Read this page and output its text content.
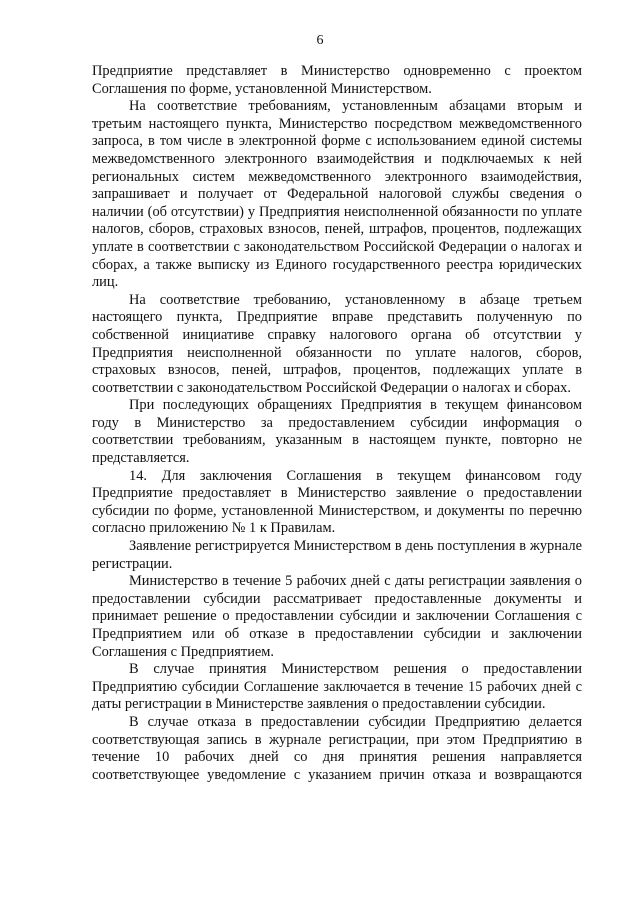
6

Предприятие представляет в Министерство одновременно с проектом Соглашения по форме, установленной Министерством.

На соответствие требованиям, установленным абзацами вторым и третьим настоящего пункта, Министерство посредством межведомственного запроса, в том числе в электронной форме с использованием единой системы межведомственного электронного взаимодействия и подключаемых к ней региональных систем межведомственного электронного взаимодействия, запрашивает и получает от Федеральной налоговой службы сведения о наличии (об отсутствии) у Предприятия неисполненной обязанности по уплате налогов, сборов, страховых взносов, пеней, штрафов, процентов, подлежащих уплате в соответствии с законодательством Российской Федерации о налогах и сборах, а также выписку из Единого государственного реестра юридических лиц.

На соответствие требованию, установленному в абзаце третьем настоящего пункта, Предприятие вправе представить полученную по собственной инициативе справку налогового органа об отсутствии у Предприятия неисполненной обязанности по уплате налогов, сборов, страховых взносов, пеней, штрафов, процентов, подлежащих уплате в соответствии с законодательством Российской Федерации о налогах и сборах.

При последующих обращениях Предприятия в текущем финансовом году в Министерство за предоставлением субсидии информация о соответствии требованиям, указанным в настоящем пункте, повторно не представляется.

14. Для заключения Соглашения в текущем финансовом году Предприятие предоставляет в Министерство заявление о предоставлении субсидии по форме, установленной Министерством, и документы по перечню согласно приложению № 1 к Правилам.

Заявление регистрируется Министерством в день поступления в журнале регистрации.

Министерство в течение 5 рабочих дней с даты регистрации заявления о предоставлении субсидии рассматривает предоставленные документы и принимает решение о предоставлении субсидии и заключении Соглашения с Предприятием или об отказе в предоставлении субсидии и заключении Соглашения с Предприятием.

В случае принятия Министерством решения о предоставлении Предприятию субсидии Соглашение заключается в течение 15 рабочих дней с даты регистрации в Министерстве заявления о предоставлении субсидии.

В случае отказа в предоставлении субсидии Предприятию делается соответствующая запись в журнале регистрации, при этом Предприятию в течение 10 рабочих дней со дня принятия решения направляется соответствующее уведомление с указанием причин отказа и возвращаются
